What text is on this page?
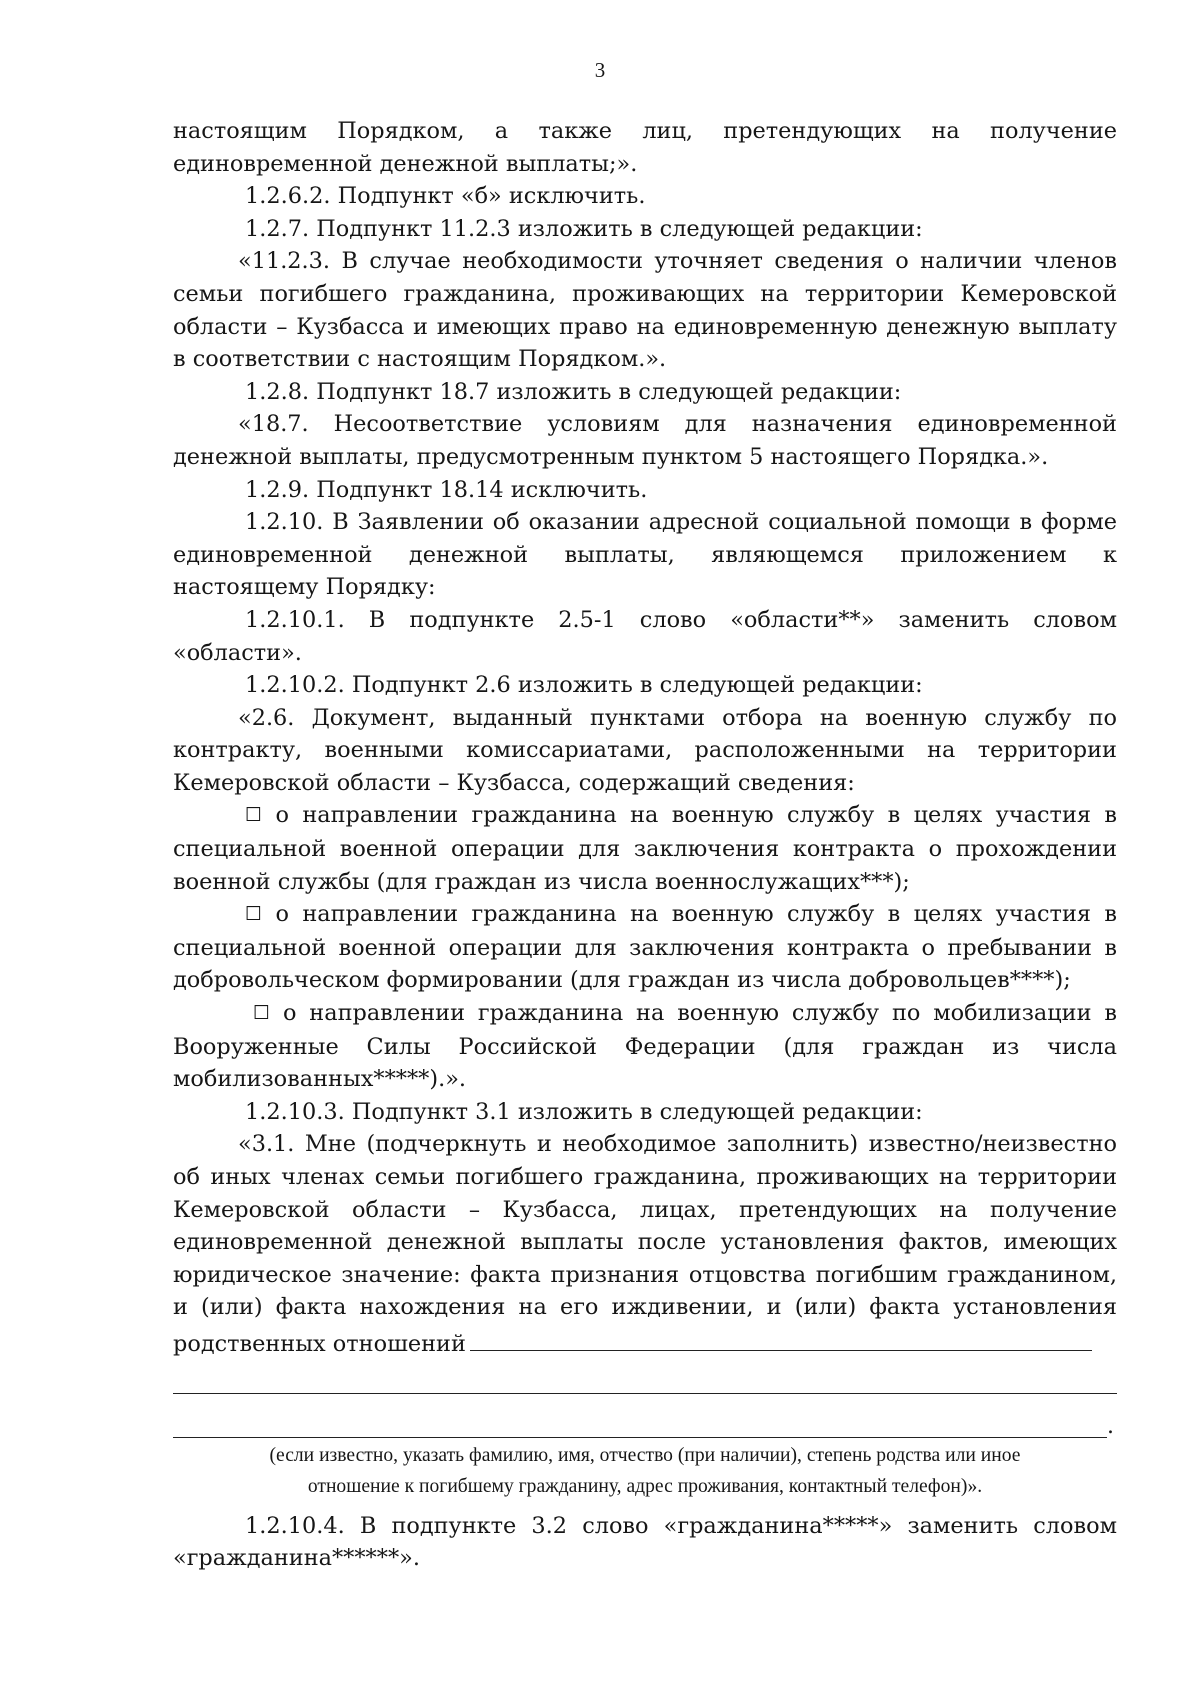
3

настоящим Порядком, а также лиц, претендующих на получение

единовременной денежной выплаты;».

1.2.6.2. Подпункт «б» исключить.

1.2.7. Подпункт 11.2.3 изложить в следующей редакции:

«11.2.3. В случае необходимости уточняет сведения о наличии членов семьи погибшего гражданина, проживающих на территории Кемеровской области – Кузбасса и имеющих право на единовременную денежную выплату в соответствии с настоящим Порядком.».

1.2.8. Подпункт 18.7 изложить в следующей редакции:

«18.7. Несоответствие условиям для назначения единовременной денежной выплаты, предусмотренным пунктом 5 настоящего Порядка.».

1.2.9. Подпункт 18.14 исключить.

1.2.10. В Заявлении об оказании адресной социальной помощи в форме единовременной денежной выплаты, являющемся приложением к настоящему Порядку:

1.2.10.1. В подпункте 2.5-1 слово «области**» заменить словом «области».

1.2.10.2. Подпункт 2.6 изложить в следующей редакции:

«2.6. Документ, выданный пунктами отбора на военную службу по контракту, военными комиссариатами, расположенными на территории Кемеровской области – Кузбасса, содержащий сведения:

☐ о направлении гражданина на военную службу в целях участия в специальной военной операции для заключения контракта о прохождении военной службы (для граждан из числа военнослужащих***);

☐ о направлении гражданина на военную службу в целях участия в специальной военной операции для заключения контракта о пребывании в добровольческом формировании (для граждан из числа добровольцев****);

☐ о направлении гражданина на военную службу по мобилизации в Вооруженные Силы Российской Федерации (для граждан из числа мобилизованных*****).».

1.2.10.3. Подпункт 3.1 изложить в следующей редакции:

«3.1. Мне (подчеркнуть и необходимое заполнить) известно/неизвестно об иных членах семьи погибшего гражданина, проживающих на территории Кемеровской области – Кузбасса, лицах, претендующих на получение единовременной денежной выплаты после установления фактов, имеющих юридическое значение: факта признания отцовства погибшим гражданином, и (или) факта нахождения на его иждивении, и (или) факта установления

родственных отношений

.
(если известно, указать фамилию, имя, отчество (при наличии), степень родства или иное
отношение к погибшему гражданину, адрес проживания, контактный телефон)».

1.2.10.4. В подпункте 3.2 слово «гражданина*****» заменить словом «гражданина******».
